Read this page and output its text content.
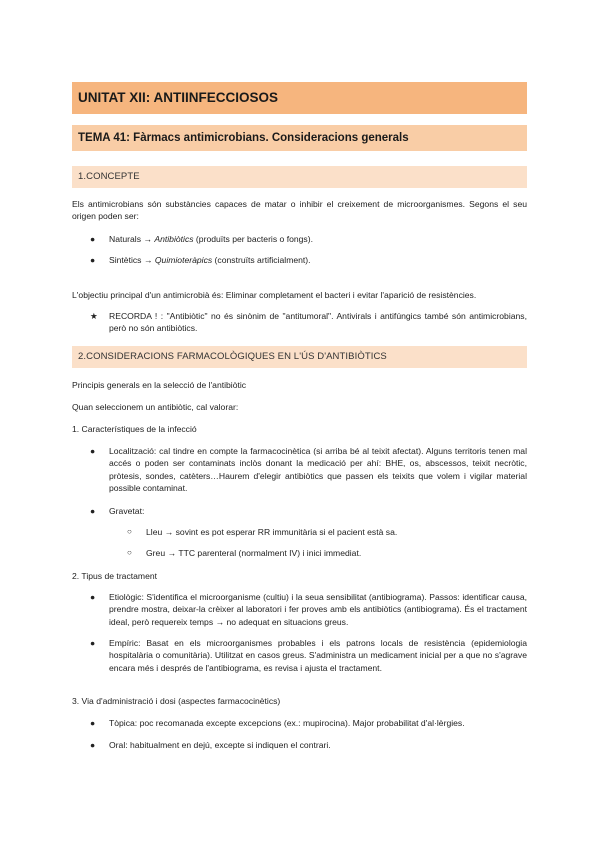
UNITAT XII: ANTIINFECCIOSOS
TEMA 41: Fàrmacs antimicrobians. Consideracions generals
1.CONCEPTE
Els antimicrobians són substàncies capaces de matar o inhibir el creixement de microorganismes. Segons el seu origen poden ser:
● Naturals → Antibiòtics (produïts per bacteris o fongs).
● Sintètics → Quimioteràpics (construïts artificialment).
L'objectiu principal d'un antimicrobià és: Eliminar completament el bacteri i evitar l'aparició de resistències.
★ RECORDA ! : "Antibiòtic" no és sinònim de "antitumoral". Antivirals i antifúngics també són antimicrobians, però no són antibiòtics.
2.CONSIDERACIONS FARMACOLÒGIQUES EN L'ÚS D'ANTIBIÒTICS
Principis generals en la selecció de l'antibiòtic
Quan seleccionem un antibiòtic, cal valorar:
1. Característiques de la infecció
● Localització: cal tindre en compte la farmacocinètica (si arriba bé al teixit afectat). Alguns territoris tenen mal accés o poden ser contaminats inclòs donant la medicació per ahí: BHE, os, abscessos, teixit necròtic, pròtesis, sondes, catèters…Haurem d'elegir antibiòtics que passen els teixits que volem i vigilar material possible contaminat.
● Gravetat:
○ Lleu → sovint es pot esperar RR immunitària si el pacient està sa.
○ Greu → TTC parenteral (normalment IV) i inici immediat.
2. Tipus de tractament
● Etiològic: S'identifica el microorganisme (cultiu) i la seua sensibilitat (antibiograma). Passos: identificar causa, prendre mostra, deixar-la crèixer al laboratori i fer proves amb els antibiòtics (antibiograma). És el tractament ideal, però requereix temps → no adequat en situacions greus.
● Empíric: Basat en els microorganismes probables i els patrons locals de resistència (epidemiologia hospitalària o comunitària). Utilitzat en casos greus. S'administra un medicament inicial per a que no s'agrave encara més i després de l'antibiograma, es revisa i ajusta el tractament.
3. Via d'administració i dosi (aspectes farmacocinètics)
● Tòpica: poc recomanada excepte excepcions (ex.: mupirocina). Major probabilitat d'al·lèrgies.
● Oral: habitualment en dejú, excepte si indiquen el contrari.
